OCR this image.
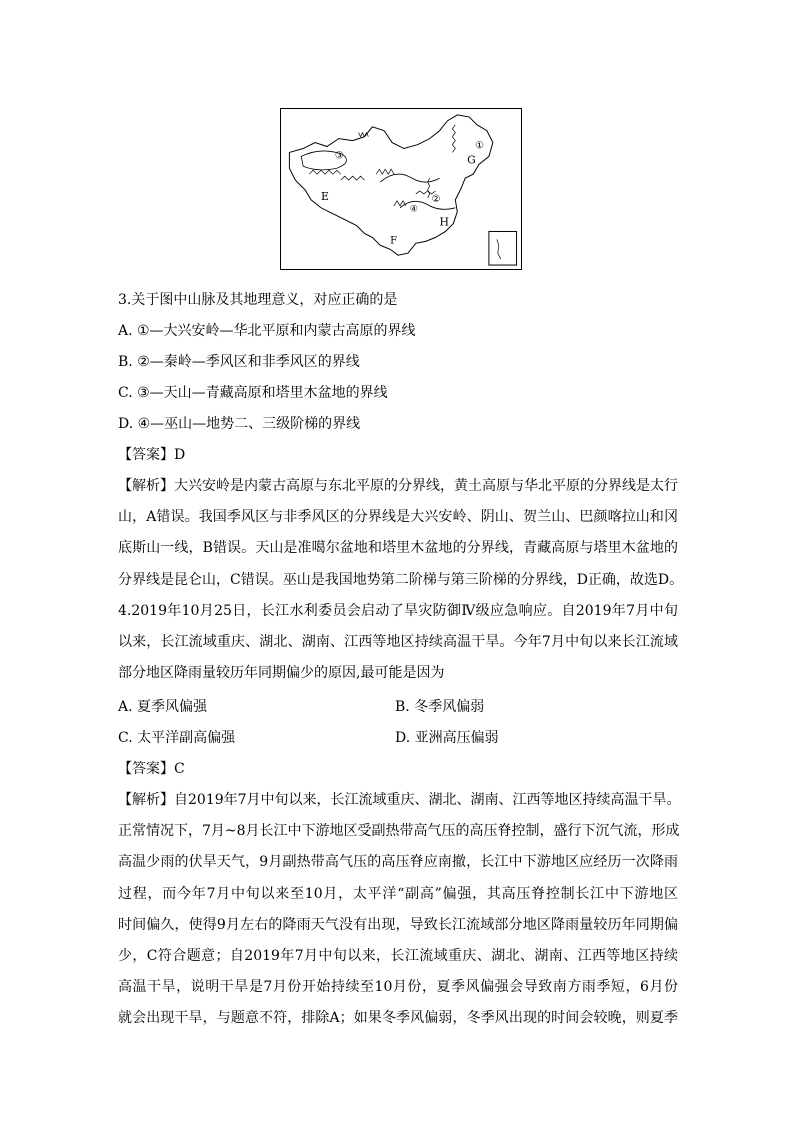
①
G
③
E	②
④
H
F
3.关于图中山脉及其地理意义，对应正确的是
A. ①—大兴安岭—华北平原和内蒙古高原的界线
B. ②—秦岭—季风区和非季风区的界线
C. ③—天山—青藏高原和塔里木盆地的界线
D. ④—巫山—地势二、三级阶梯的界线
【答案】D
【解析】大兴安岭是内蒙古高原与东北平原的分界线，黄土高原与华北平原的分界线是太行
山，A错误。我国季风区与非季风区的分界线是大兴安岭、阴山、贺兰山、巴颜喀拉山和冈
底斯山一线，B错误。天山是准噶尔盆地和塔里木盆地的分界线，青藏高原与塔里木盆地的
分界线是昆仑山，C错误。巫山是我国地势第二阶梯与第三阶梯的分界线，D正确，故选D。
4.2019年10月25日，长江水利委员会启动了旱灾防御Ⅳ级应急响应。自2019年7月中旬
以来，长江流域重庆、湖北、湖南、江西等地区持续高温干旱。今年7月中旬以来长江流域
部分地区降雨量较历年同期偏少的原因,最可能是因为
A. 夏季风偏强	B. 冬季风偏弱
C. 太平洋副高偏强	D. 亚洲高压偏弱
【答案】C
【解析】自2019年7月中旬以来，长江流域重庆、湖北、湖南、江西等地区持续高温干旱。
正常情况下，7月~8月长江中下游地区受副热带高气压的高压脊控制，盛行下沉气流，形成
高温少雨的伏旱天气，9月副热带高气压的高压脊应南撤，长江中下游地区应经历一次降雨
过程，而今年7月中旬以来至10月，太平洋“副高”偏强，其高压脊控制长江中下游地区
时间偏久，使得9月左右的降雨天气没有出现，导致长江流域部分地区降雨量较历年同期偏
少，C符合题意；自2019年7月中旬以来，长江流域重庆、湖北、湖南、江西等地区持续
高温干旱，说明干旱是7月份开始持续至10月份，夏季风偏强会导致南方雨季短，6月份
就会出现干旱，与题意不符，排除A；如果冬季风偏弱，冬季风出现的时间会较晚，则夏季
